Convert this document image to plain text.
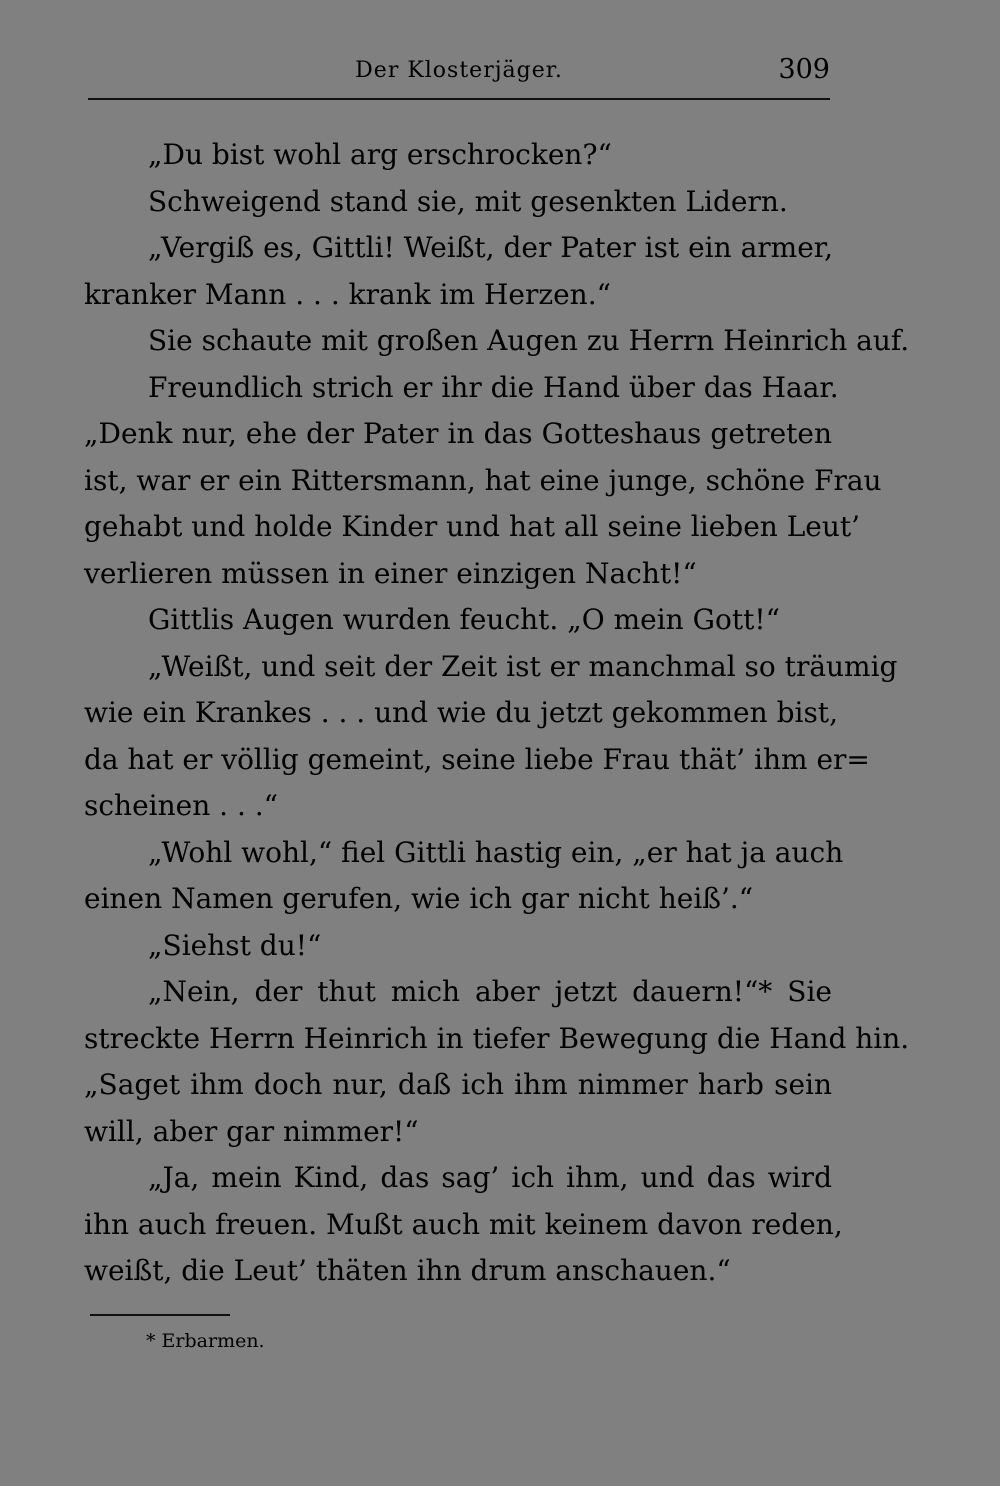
Der Klosterjäger.	309
„Du bist wohl arg erschrocken?“
Schweigend stand sie, mit gesenkten Lidern.
„Vergiß es, Gittli! Weißt, der Pater ist ein armer,
kranker Mann . . . krank im Herzen.“
Sie schaute mit großen Augen zu Herrn Heinrich auf.
Freundlich strich er ihr die Hand über das Haar.
„Denk nur, ehe der Pater in das Gotteshaus getreten
ist, war er ein Rittersmann, hat eine junge, schöne Frau
gehabt und holde Kinder und hat all seine lieben Leut’
verlieren müssen in einer einzigen Nacht!“
Gittlis Augen wurden feucht. „O mein Gott!“
„Weißt, und seit der Zeit ist er manchmal so träumig
wie ein Krankes . . . und wie du jetzt gekommen bist,
da hat er völlig gemeint, seine liebe Frau thät’ ihm er=
scheinen . . .“
„Wohl wohl,“ fiel Gittli hastig ein, „er hat ja auch
einen Namen gerufen, wie ich gar nicht heiß’.“
„Siehst du!“
„Nein, der thut mich aber jetzt dauern!“* Sie
streckte Herrn Heinrich in tiefer Bewegung die Hand hin.
„Saget ihm doch nur, daß ich ihm nimmer harb sein
will, aber gar nimmer!“
„Ja, mein Kind, das sag’ ich ihm, und das wird
ihn auch freuen. Mußt auch mit keinem davon reden,
weißt, die Leut’ thäten ihn drum anschauen.“
* Erbarmen.
